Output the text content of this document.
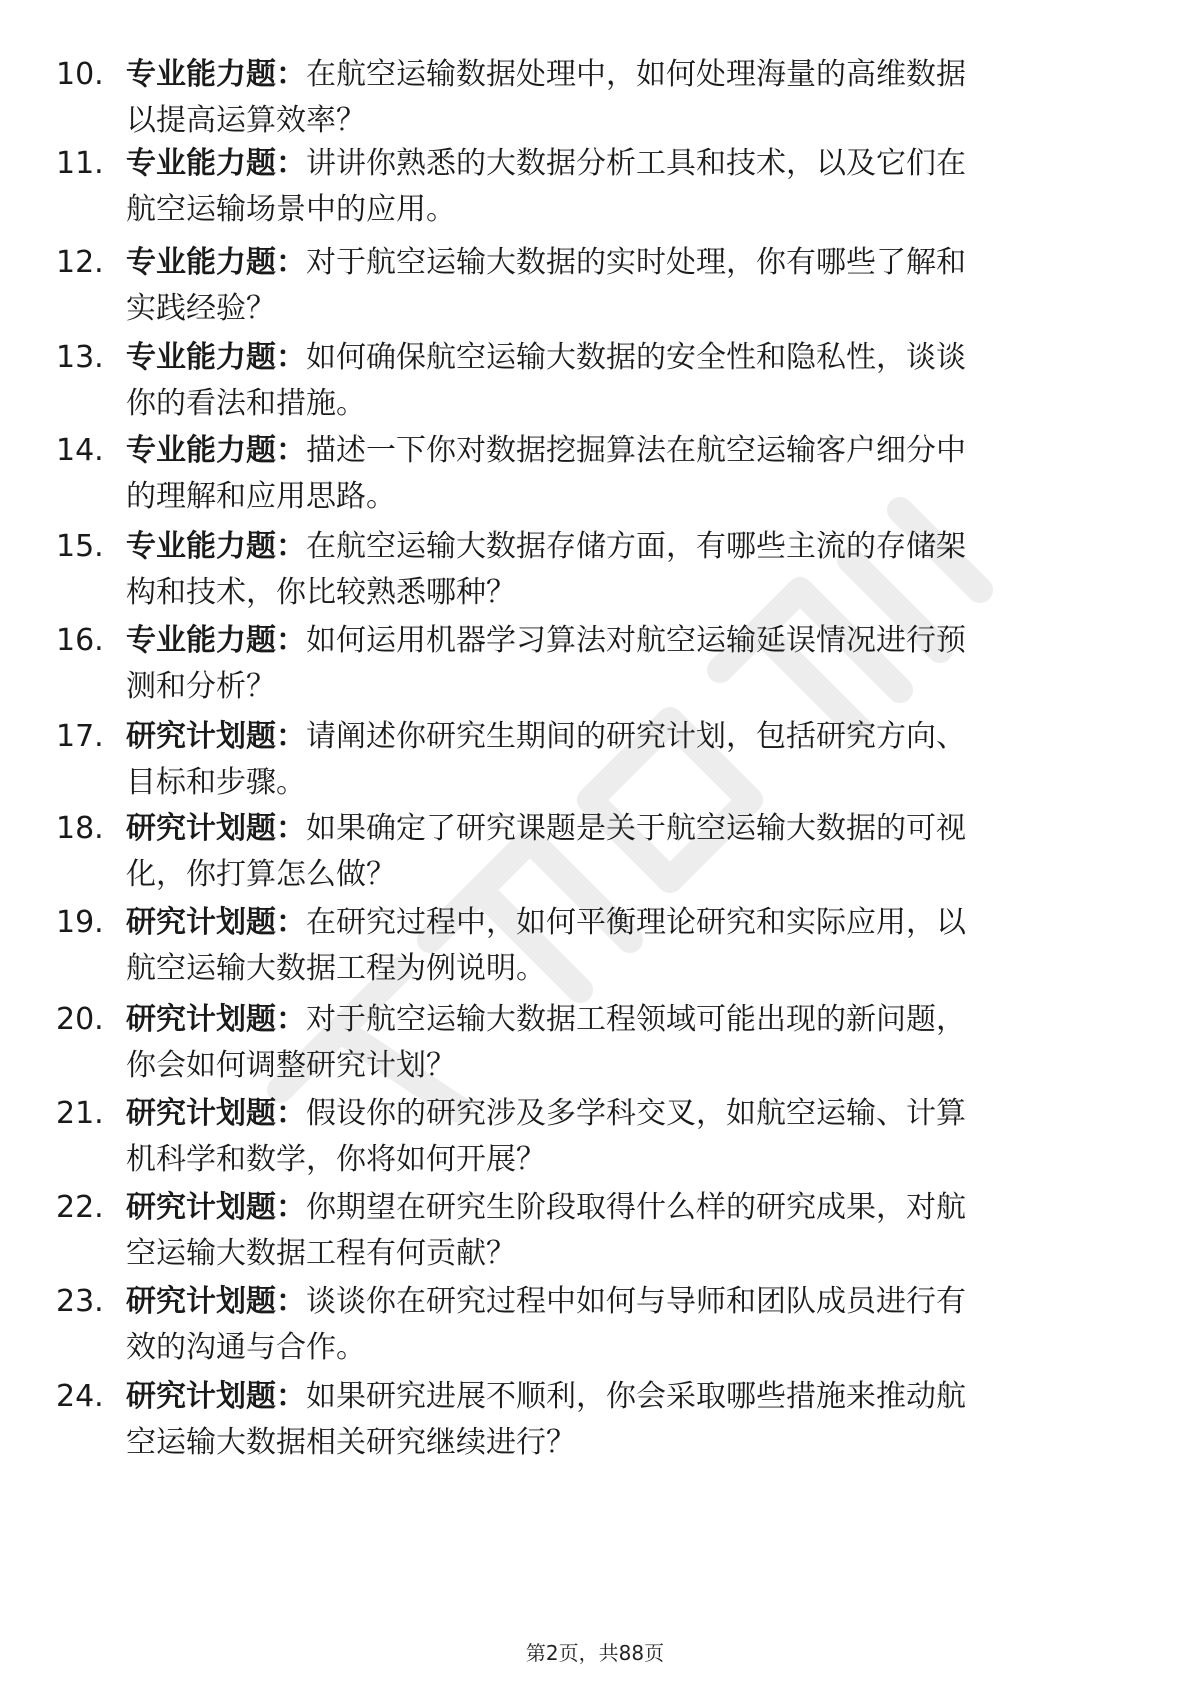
10. 专业能力题：在航空运输数据处理中，如何处理海量的高维数据
以提高运算效率？
11. 专业能力题：讲讲你熟悉的大数据分析工具和技术，以及它们在
航空运输场景中的应用。
12. 专业能力题：对于航空运输大数据的实时处理，你有哪些了解和
实践经验？
13. 专业能力题：如何确保航空运输大数据的安全性和隐私性，谈谈
你的看法和措施。
14. 专业能力题：描述一下你对数据挖掘算法在航空运输客户细分中
的理解和应用思路。
15. 专业能力题：在航空运输大数据存储方面，有哪些主流的存储架
构和技术，你比较熟悉哪种？
16. 专业能力题：如何运用机器学习算法对航空运输延误情况进行预
测和分析？
17. 研究计划题：请阐述你研究生期间的研究计划，包括研究方向、
目标和步骤。
18. 研究计划题：如果确定了研究课题是关于航空运输大数据的可视
化，你打算怎么做？
19. 研究计划题：在研究过程中，如何平衡理论研究和实际应用，以
航空运输大数据工程为例说明。
20. 研究计划题：对于航空运输大数据工程领域可能出现的新问题，
你会如何调整研究计划？
21. 研究计划题：假设你的研究涉及多学科交叉，如航空运输、计算
机科学和数学，你将如何开展？
22. 研究计划题：你期望在研究生阶段取得什么样的研究成果，对航
空运输大数据工程有何贡献？
23. 研究计划题：谈谈你在研究过程中如何与导师和团队成员进行有
效的沟通与合作。
24. 研究计划题：如果研究进展不顺利，你会采取哪些措施来推动航
空运输大数据相关研究继续进行？
第2页，共88页
